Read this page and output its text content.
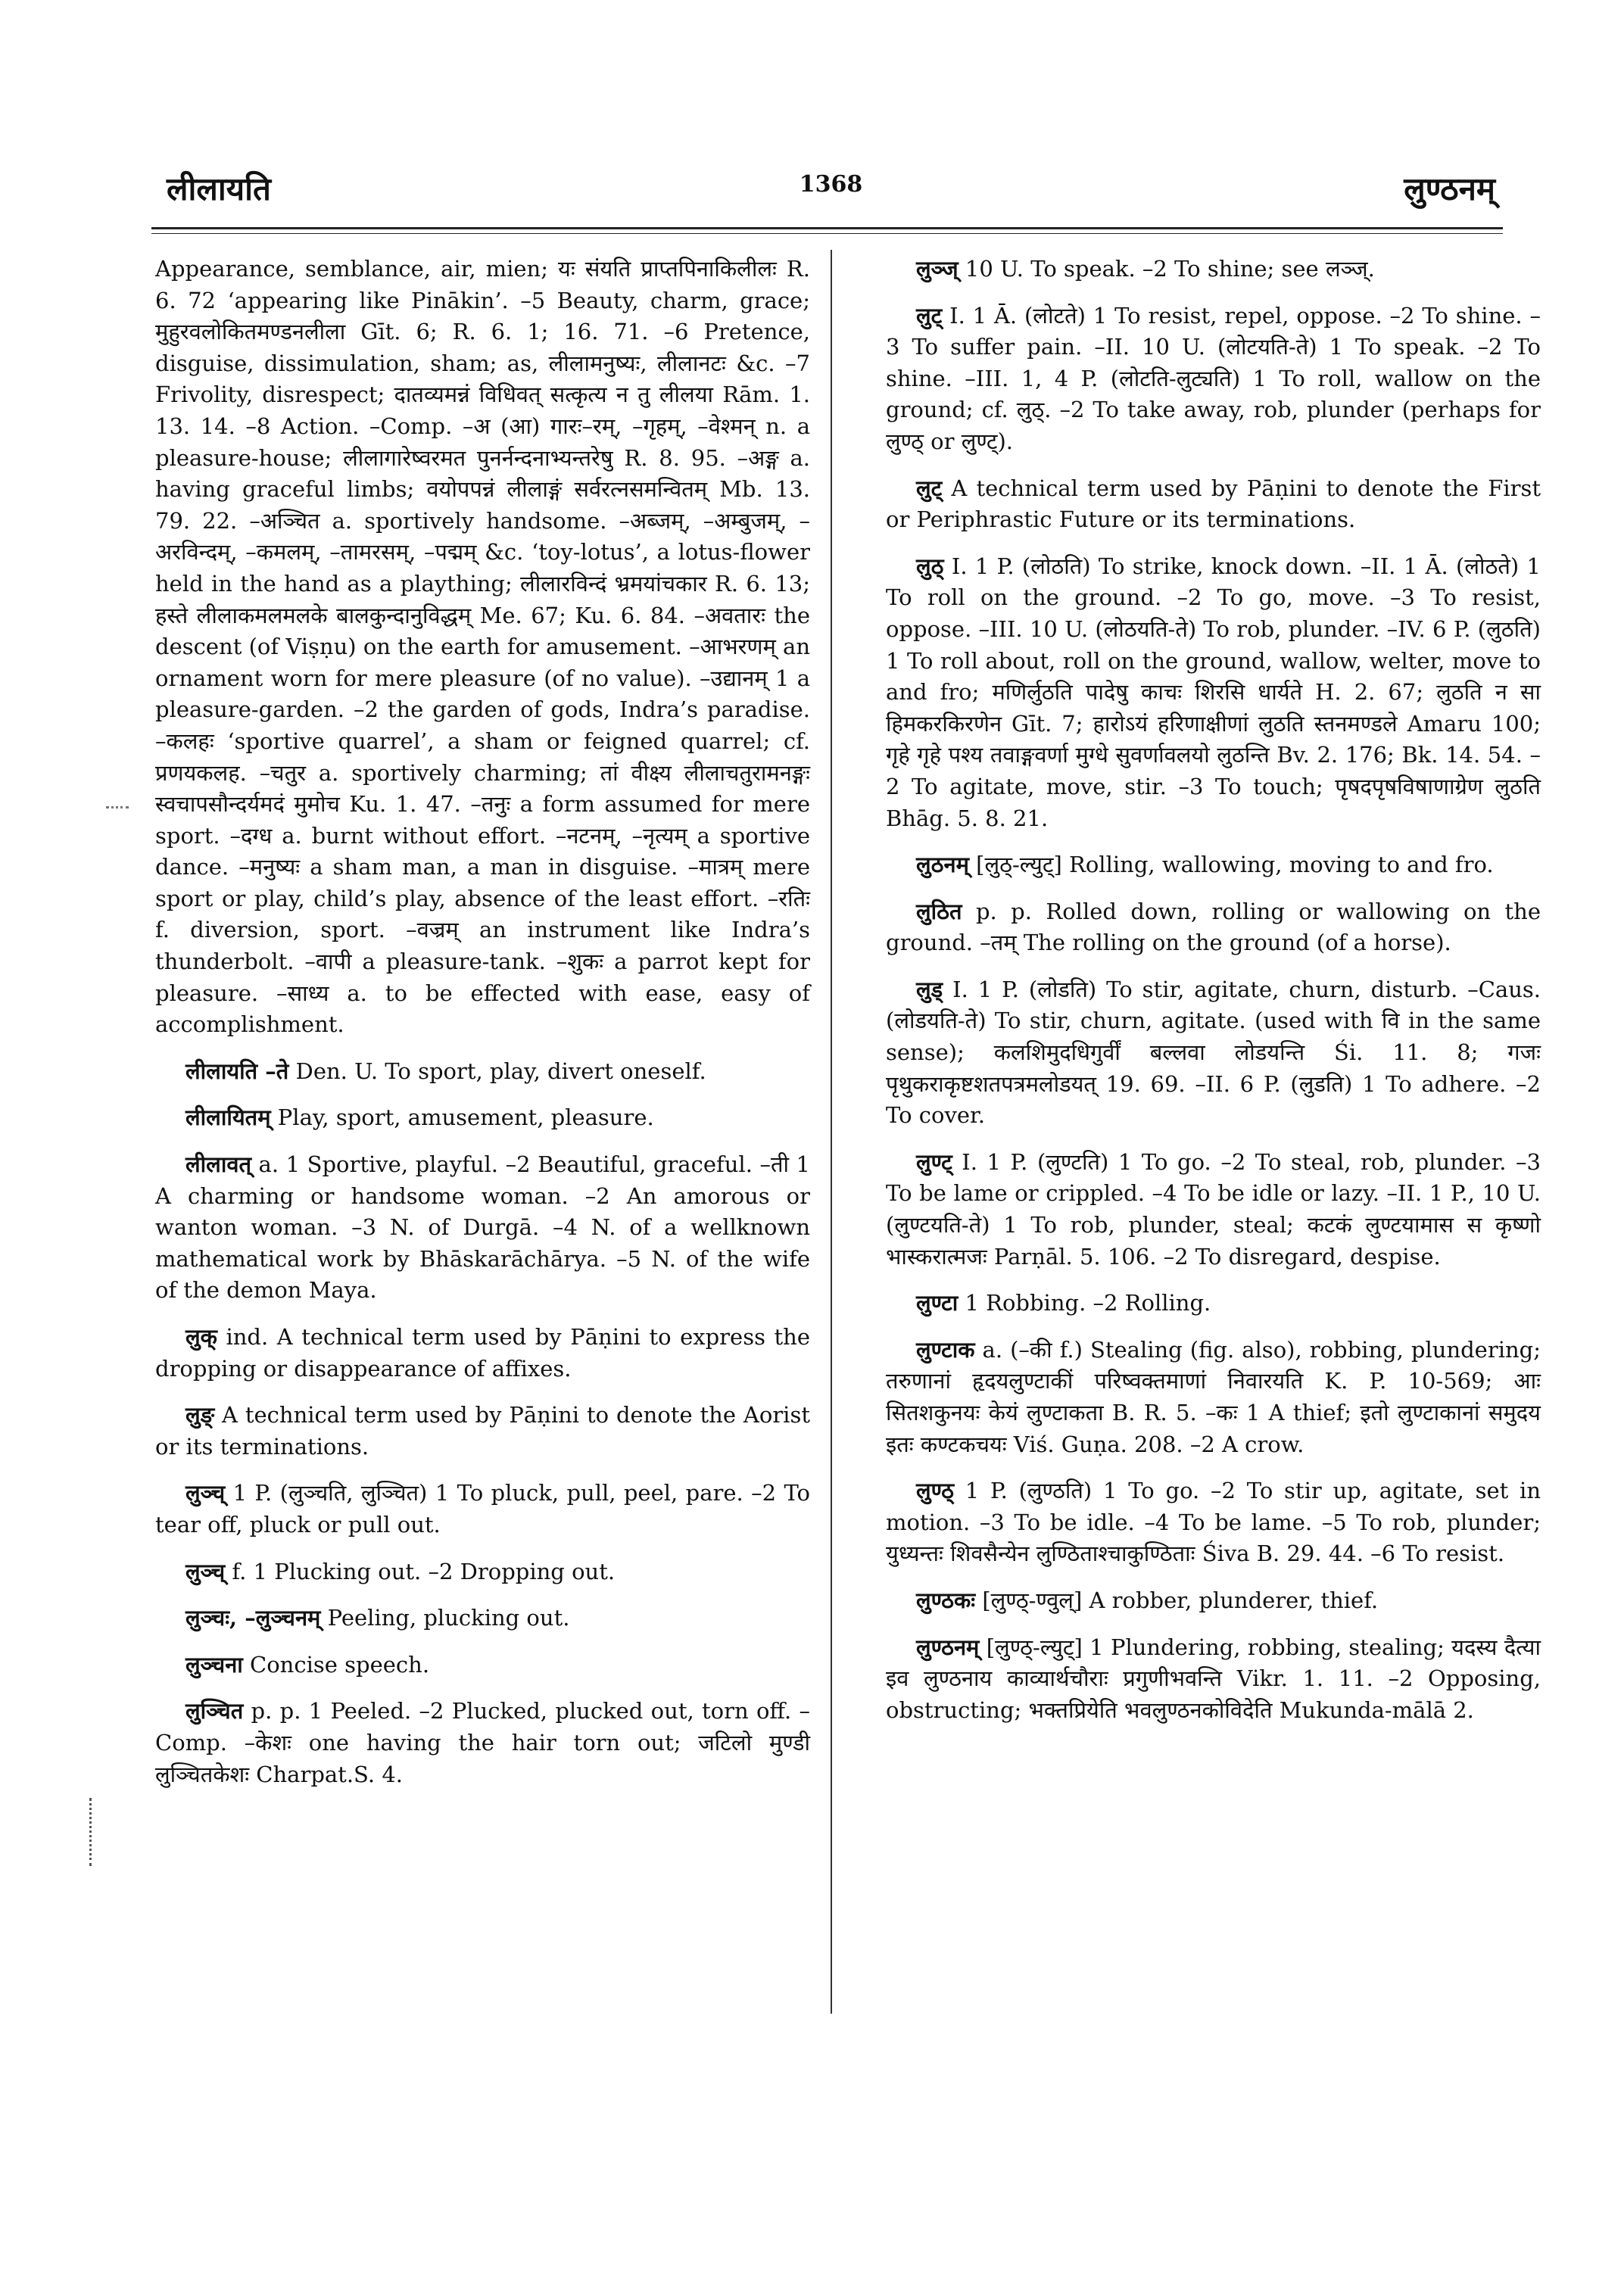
लीलायति	1368	लुण्ठनम्

Appearance, semblance, air, mien; यः संयति प्राप्तपिनाकिलीलः R. 6. 72 ‘appearing like Pinākin’. –5 Beauty, charm, grace; मुहुरवलोकितमण्डनलीला Gīt. 6; R. 6. 1; 16. 71. –6 Pretence, disguise, dissimulation, sham; as, लीलामनुष्यः, लीलानटः &c. –7 Frivolity, disrespect; दातव्यमन्नं विधिवत् सत्कृत्य न तु लीलया Rām. 1. 13. 14. –8 Action. –Comp. –अ (आ) गारः–रम्, –गृहम्, –वेश्मन् n. a pleasure-house; लीलागारेष्वरमत पुनर्नन्दनाभ्यन्तरेषु R. 8. 95. –अङ्ग a. having graceful limbs; वयोपपन्नं लीलाङ्गं सर्वरत्नसमन्वितम् Mb. 13. 79. 22. –अञ्चित a. sportively handsome. –अब्जम्, –अम्बुजम्, –अरविन्दम्, –कमलम्, –तामरसम्, –पद्मम् &c. ‘toy-lotus’, a lotus-flower held in the hand as a plaything; लीलारविन्दं भ्रमयांचकार R. 6. 13; हस्ते लीलाकमलमलके बालकुन्दानुविद्धम् Me. 67; Ku. 6. 84. –अवतारः the descent (of Viṣṇu) on the earth for amusement. –आभरणम् an ornament worn for mere pleasure (of no value). –उद्यानम् 1 a pleasure-garden. –2 the garden of gods, Indra’s paradise. –कलहः ‘sportive quarrel’, a sham or feigned quarrel; cf. प्रणयकलह. –चतुर a. sportively charming; तां वीक्ष्य लीलाचतुरामनङ्गः स्वचापसौन्दर्यमदं मुमोच Ku. 1. 47. –तनुः a form assumed for mere sport. –दग्ध a. burnt without effort. –नटनम्, –नृत्यम् a sportive dance. –मनुष्यः a sham man, a man in disguise. –मात्रम् mere sport or play, child’s play, absence of the least effort. –रतिः f. diversion, sport. –वज्रम् an instrument like Indra’s thunderbolt. –वापी a pleasure-tank. –शुकः a parrot kept for pleasure. –साध्य a. to be effected with ease, easy of accomplishment.

लीलायति –ते Den. U. To sport, play, divert oneself.

लीलायितम् Play, sport, amusement, pleasure.

लीलावत् a. 1 Sportive, playful. –2 Beautiful, graceful. –ती 1 A charming or handsome woman. –2 An amorous or wanton woman. –3 N. of Durgā. –4 N. of a wellknown mathematical work by Bhāskarāchārya. –5 N. of the wife of the demon Maya.

लुक् ind. A technical term used by Pāṇini to express the dropping or disappearance of affixes.

लुङ् A technical term used by Pāṇini to denote the Aorist or its terminations.

लुञ्च् 1 P. (लुञ्चति, लुञ्चित) 1 To pluck, pull, peel, pare. –2 To tear off, pluck or pull out.

लुञ्च् f. 1 Plucking out. –2 Dropping out.

लुञ्चः, –लुञ्चनम् Peeling, plucking out.

लुञ्चना Concise speech.

लुञ्चित p. p. 1 Peeled. –2 Plucked, plucked out, torn off. –Comp. –केशः one having the hair torn out; जटिलो मुण्डी लुञ्चितकेशः Charpat.S. 4.

लुञ्ज् 10 U. To speak. –2 To shine; see लञ्ज्.

लुट् I. 1 Ā. (लोटते) 1 To resist, repel, oppose. –2 To shine. –3 To suffer pain. –II. 10 U. (लोटयति-ते) 1 To speak. –2 To shine. –III. 1, 4 P. (लोटति-लुट्यति) 1 To roll, wallow on the ground; cf. लुठ्. –2 To take away, rob, plunder (perhaps for लुण्ठ् or लुण्ट्).

लुट् A technical term used by Pāṇini to denote the First or Periphrastic Future or its terminations.

लुठ् I. 1 P. (लोठति) To strike, knock down. –II. 1 Ā. (लोठते) 1 To roll on the ground. –2 To go, move. –3 To resist, oppose. –III. 10 U. (लोठयति-ते) To rob, plunder. –IV. 6 P. (लुठति) 1 To roll about, roll on the ground, wallow, welter, move to and fro; मणिर्लुठति पादेषु काचः शिरसि धार्यते H. 2. 67; लुठति न सा हिमकरकिरणेन Gīt. 7; हारोऽयं हरिणाक्षीणां लुठति स्तनमण्डले Amaru 100; गृहे गृहे पश्य तवाङ्गवर्णा मुग्धे सुवर्णावलयो लुठन्ति Bv. 2. 176; Bk. 14. 54. –2 To agitate, move, stir. –3 To touch; पृषदपृषविषाणाग्रेण लुठति Bhāg. 5. 8. 21.

लुठनम् [लुठ्-ल्युट्] Rolling, wallowing, moving to and fro.

लुठित p. p. Rolled down, rolling or wallowing on the ground. –तम् The rolling on the ground (of a horse).

लुड् I. 1 P. (लोडति) To stir, agitate, churn, disturb. –Caus. (लोडयति-ते) To stir, churn, agitate. (used with वि in the same sense); कलशिमुदधिगुर्वीं बल्लवा लोडयन्ति Śi. 11. 8; गजः पृथुकराकृष्टशतपत्रमलोडयत् 19. 69. –II. 6 P. (लुडति) 1 To adhere. –2 To cover.

लुण्ट् I. 1 P. (लुण्टति) 1 To go. –2 To steal, rob, plunder. –3 To be lame or crippled. –4 To be idle or lazy. –II. 1 P., 10 U. (लुण्टयति-ते) 1 To rob, plunder, steal; कटकं लुण्टयामास स कृष्णो भास्करात्मजः Parṇāl. 5. 106. –2 To disregard, despise.

लुण्टा 1 Robbing. –2 Rolling.

लुण्टाक a. (–की f.) Stealing (fig. also), robbing, plundering; तरुणानां हृदयलुण्टाकीं परिष्वक्तमाणां निवारयति K. P. 10-569; आः सितशकुनयः केयं लुण्टाकता B. R. 5. –कः 1 A thief; इतो लुण्टाकानां समुदय इतः कण्टकचयः Viś. Guṇa. 208. –2 A crow.

लुण्ठ् 1 P. (लुण्ठति) 1 To go. –2 To stir up, agitate, set in motion. –3 To be idle. –4 To be lame. –5 To rob, plunder; युध्यन्तः शिवसैन्येन लुण्ठिताश्चाकुण्ठिताः Śiva B. 29. 44. –6 To resist.

लुण्ठकः [लुण्ठ्-ण्वुल्] A robber, plunderer, thief.

लुण्ठनम् [लुण्ठ्-ल्युट्] 1 Plundering, robbing, stealing; यदस्य दैत्या इव लुण्ठनाय काव्यार्थचौराः प्रगुणीभवन्ति Vikr. 1. 11. –2 Opposing, obstructing; भक्तप्रियेति भवलुण्ठनकोविदेति Mukunda-mālā 2.
